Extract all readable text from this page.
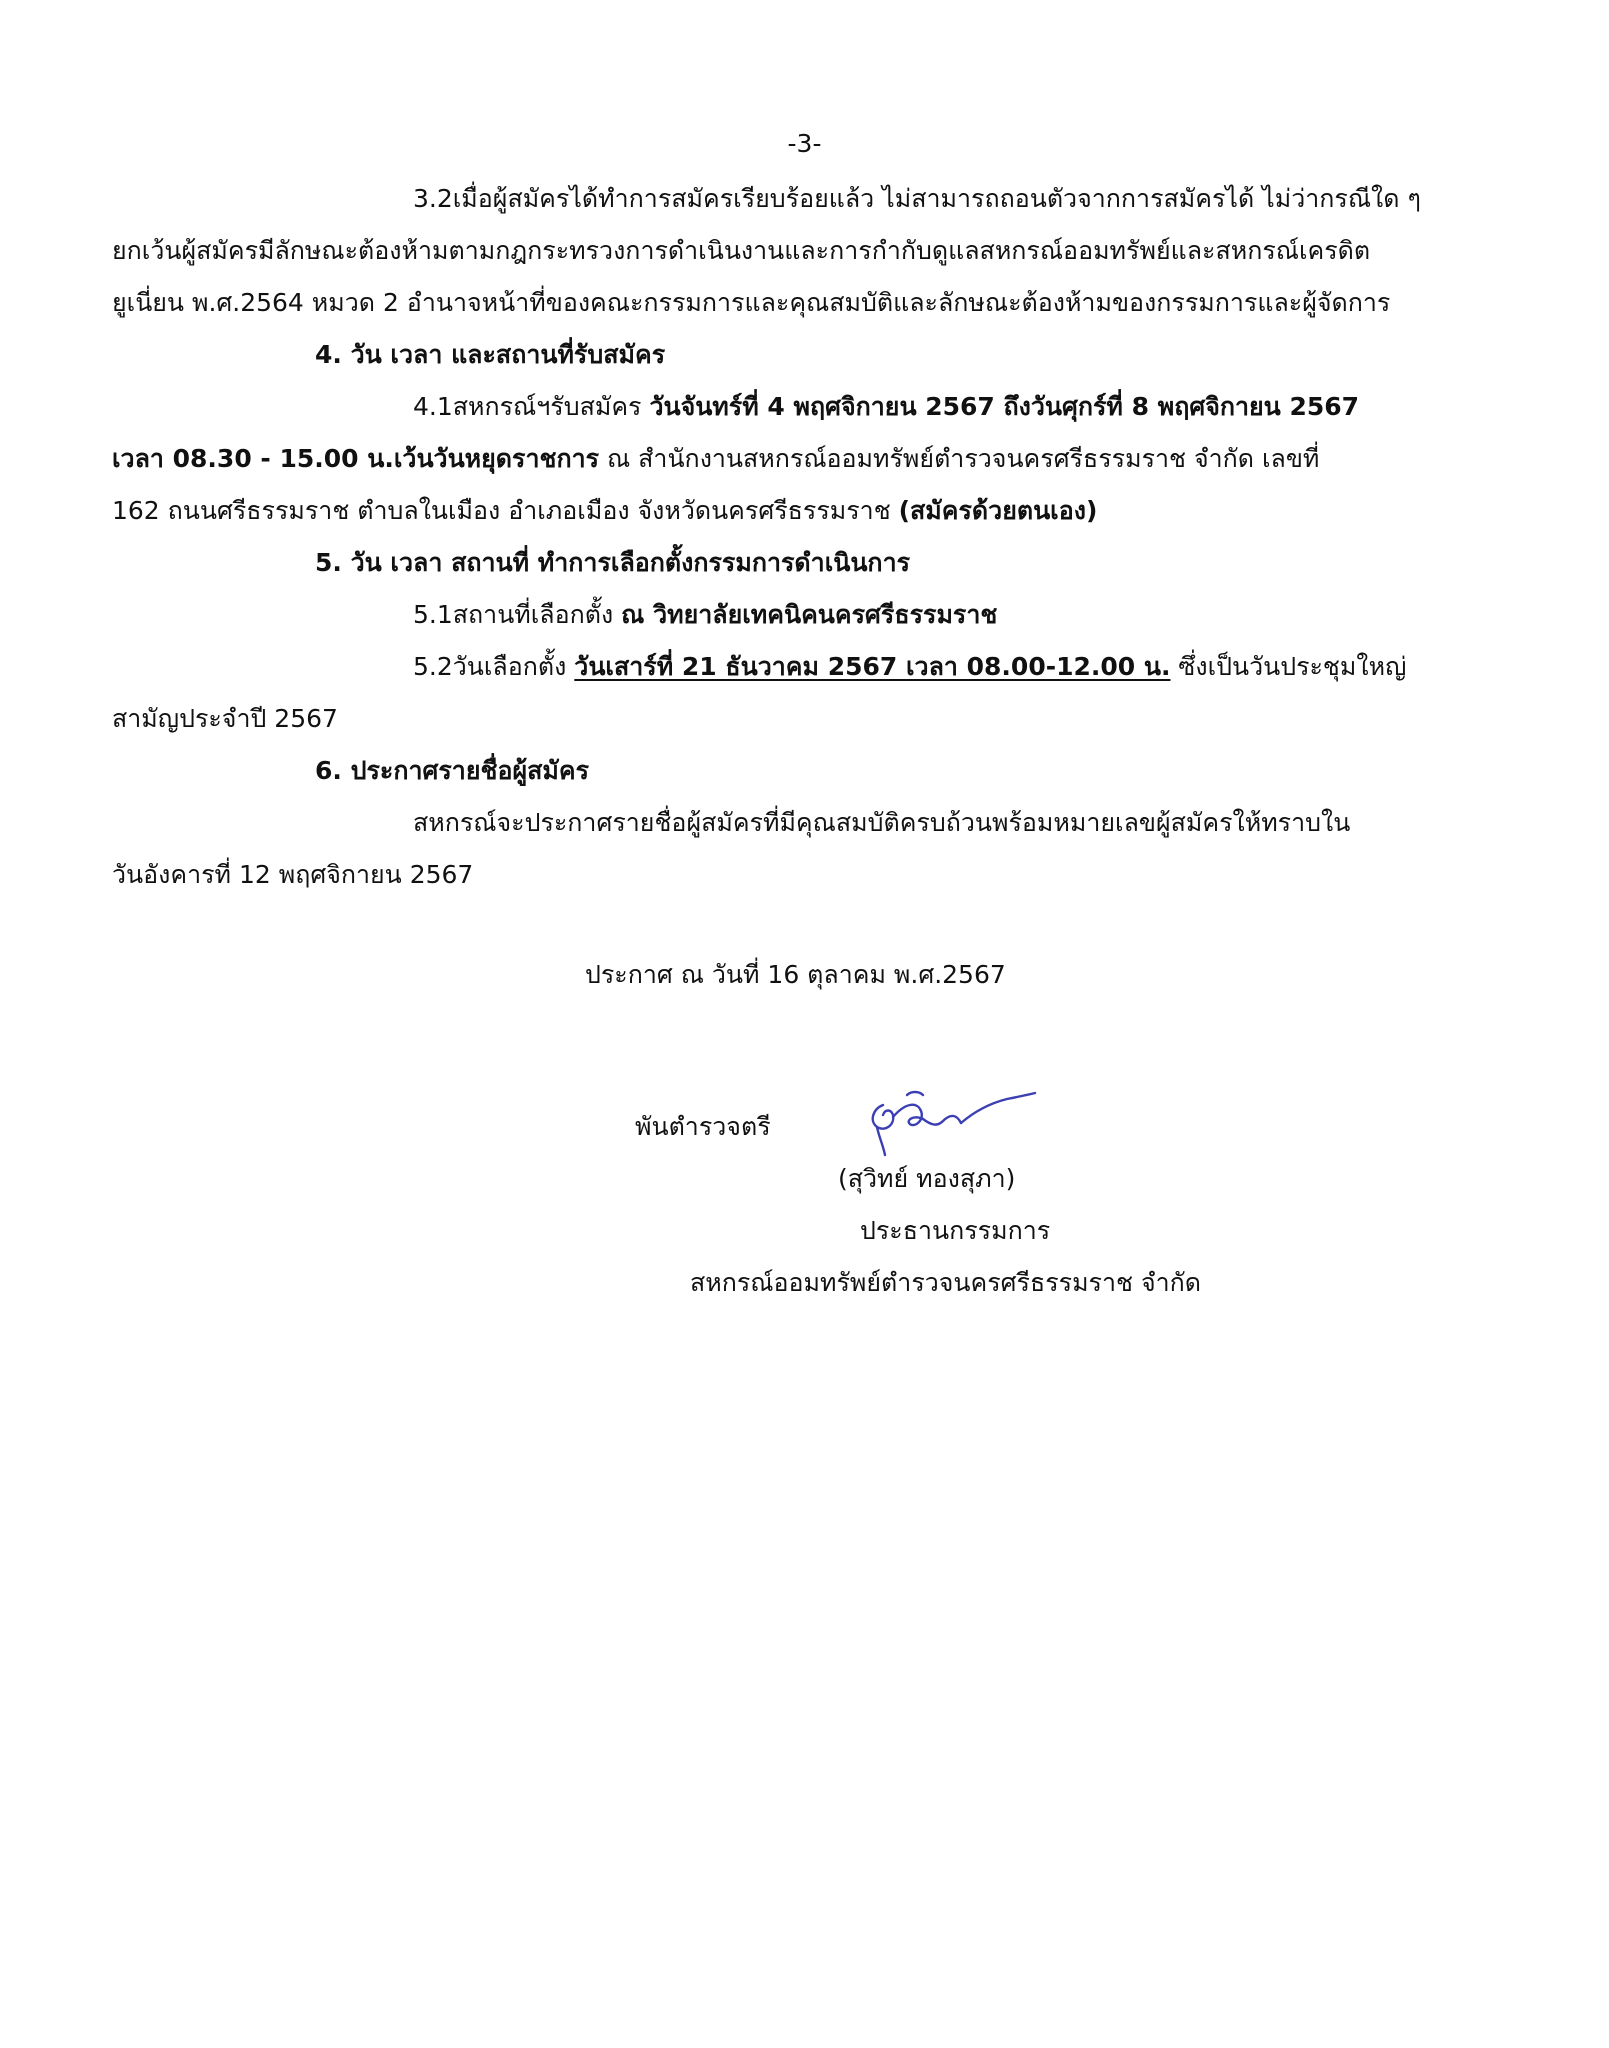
-3-
3.2เมื่อผู้สมัครได้ทำการสมัครเรียบร้อยแล้ว ไม่สามารถถอนตัวจากการสมัครได้ ไม่ว่ากรณีใด ๆ
ยกเว้นผู้สมัครมีลักษณะต้องห้ามตามกฎกระทรวงการดำเนินงานและการกำกับดูแลสหกรณ์ออมทรัพย์และสหกรณ์เครดิต
ยูเนี่ยน พ.ศ.2564 หมวด 2 อำนาจหน้าที่ของคณะกรรมการและคุณสมบัติและลักษณะต้องห้ามของกรรมการและผู้จัดการ
4. วัน เวลา และสถานที่รับสมัคร
4.1สหกรณ์ฯรับสมัคร วันจันทร์ที่ 4 พฤศจิกายน 2567 ถึงวันศุกร์ที่ 8 พฤศจิกายน 2567
เวลา 08.30 - 15.00 น.เว้นวันหยุดราชการ ณ สำนักงานสหกรณ์ออมทรัพย์ตำรวจนครศรีธรรมราช จำกัด เลขที่
162 ถนนศรีธรรมราช ตำบลในเมือง อำเภอเมือง จังหวัดนครศรีธรรมราช (สมัครด้วยตนเอง)
5. วัน เวลา สถานที่ ทำการเลือกตั้งกรรมการดำเนินการ
5.1สถานที่เลือกตั้ง ณ วิทยาลัยเทคนิคนครศรีธรรมราช
5.2วันเลือกตั้ง วันเสาร์ที่ 21 ธันวาคม 2567 เวลา 08.00-12.00 น. ซึ่งเป็นวันประชุมใหญ่
สามัญประจำปี 2567
6. ประกาศรายชื่อผู้สมัคร
สหกรณ์จะประกาศรายชื่อผู้สมัครที่มีคุณสมบัติครบถ้วนพร้อมหมายเลขผู้สมัครให้ทราบใน
วันอังคารที่ 12 พฤศจิกายน 2567
ประกาศ ณ วันที่ 16 ตุลาคม พ.ศ.2567
พันตำรวจตรี
(สุวิทย์ ทองสุภา)
ประธานกรรมการ
สหกรณ์ออมทรัพย์ตำรวจนครศรีธรรมราช จำกัด
